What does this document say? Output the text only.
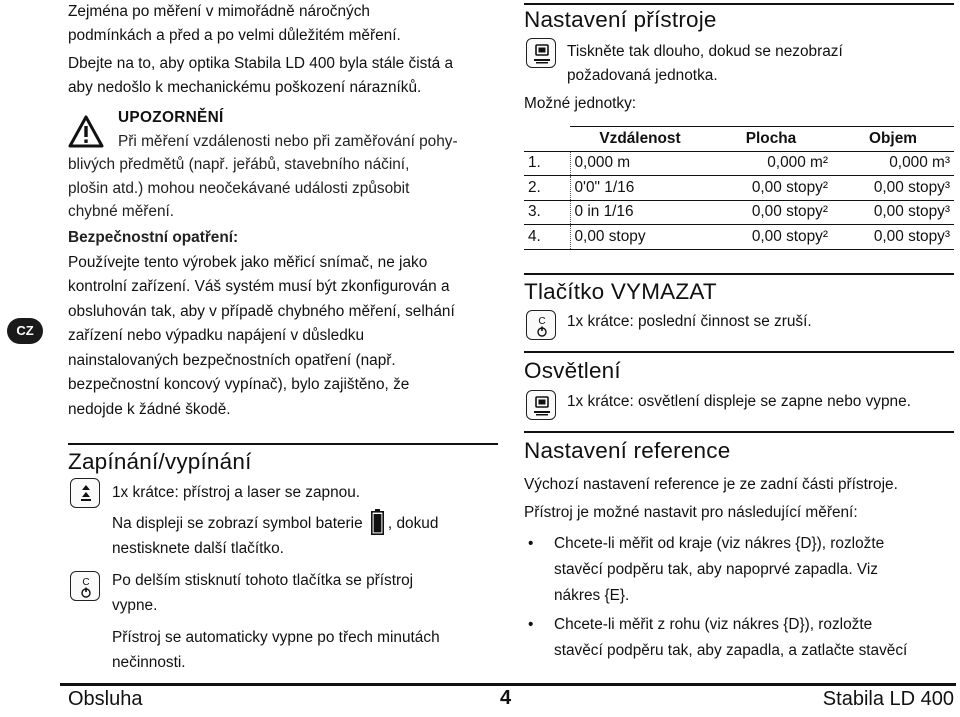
CZ
Zejména po měření v mimořádně náročných
podmínkách a před a po velmi důležitém měření.
Dbejte na to, aby optika Stabila LD 400 byla stále čistá a
aby nedošlo k mechanickému poškození nárazníků.
UPOZORNĚNÍ
Při měření vzdálenosti nebo při zaměřování pohy-
blivých předmětů (např. jeřábů, stavebního náčiní,
plošin atd.) mohou neočekávané události způsobit
chybné měření.
Bezpečnostní opatření:
Používejte tento výrobek jako měřicí snímač, ne jako
kontrolní zařízení. Váš systém musí být zkonfigurován a
obsluhován tak, aby v případě chybného měření, selhání
zařízení nebo výpadku napájení v důsledku
nainstalovaných bezpečnostních opatření (např.
bezpečnostní koncový vypínač), bylo zajištěno, že
nedojde k žádné škodě.
Zapínání/vypínání
1x krátce: přístroj a laser se zapnou.
Na displeji se zobrazí symbol baterie , dokud
nestisknete další tlačítko.
C Po delším stisknutí tohoto tlačítka se přístroj
vypne.
Přístroj se automaticky vypne po třech minutách
nečinnosti.
Nastavení přístroje
Tiskněte tak dlouho, dokud se nezobrazí
požadovaná jednotka.
Možné jednotky:
	Vzdálenost	Plocha	Objem
1.	0,000 m	0,000 m²	0,000 m³
2.	0'0" 1/16	0,00 stopy²	0,00 stopy³
3.	0 in 1/16	0,00 stopy²	0,00 stopy³
4.	0,00 stopy	0,00 stopy²	0,00 stopy³
Tlačítko VYMAZAT
C 1x krátce: poslední činnost se zruší.
Osvětlení
1x krátce: osvětlení displeje se zapne nebo vypne.
Nastavení reference
Výchozí nastavení reference je ze zadní části přístroje.
Přístroj je možné nastavit pro následující měření:
• Chcete-li měřit od kraje (viz nákres {D}), rozložte
stavěcí podpěru tak, aby napoprvé zapadla. Viz
nákres {E}.
• Chcete-li měřit z rohu (viz nákres {D}), rozložte
stavěcí podpěru tak, aby zapadla, a zatlačte stavěcí
Obsluha	4	Stabila LD 400
